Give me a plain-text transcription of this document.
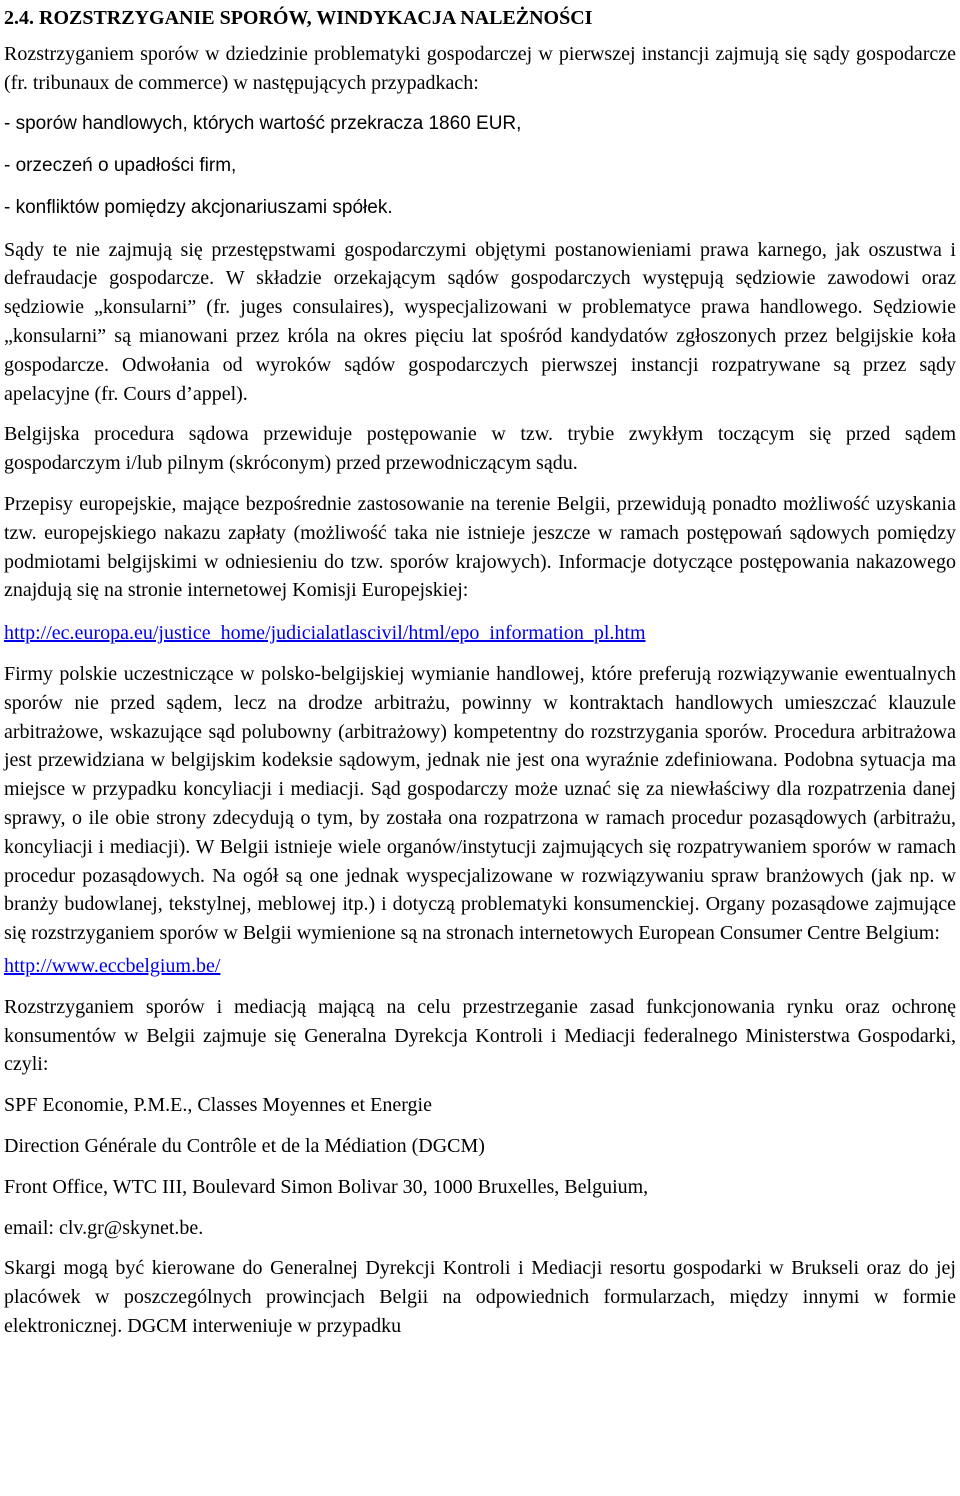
2.4. ROZSTRZYGANIE SPORÓW, WINDYKACJA NALEŻNOŚCI

Rozstrzyganiem sporów w dziedzinie problematyki gospodarczej w pierwszej instancji zajmują się sądy gospodarcze (fr. tribunaux de commerce) w następujących przypadkach:

- sporów handlowych, których wartość przekracza 1860 EUR,
- orzeczeń o upadłości firm,
- konfliktów pomiędzy akcjonariuszami spółek.

Sądy te nie zajmują się przestępstwami gospodarczymi objętymi postanowieniami prawa karnego, jak oszustwa i defraudacje gospodarcze. W składzie orzekającym sądów gospodarczych występują sędziowie zawodowi oraz sędziowie „konsularni” (fr. juges consulaires), wyspecjalizowani w problematyce prawa handlowego. Sędziowie „konsularni” są mianowani przez króla na okres pięciu lat spośród kandydatów zgłoszonych przez belgijskie koła gospodarcze. Odwołania od wyroków sądów gospodarczych pierwszej instancji rozpatrywane są przez sądy apelacyjne (fr. Cours d’appel).

Belgijska procedura sądowa przewiduje postępowanie w tzw. trybie zwykłym toczącym się przed sądem gospodarczym i/lub pilnym (skróconym) przed przewodniczącym sądu.

Przepisy europejskie, mające bezpośrednie zastosowanie na terenie Belgii, przewidują ponadto możliwość uzyskania tzw. europejskiego nakazu zapłaty (możliwość taka nie istnieje jeszcze w ramach postępowań sądowych pomiędzy podmiotami belgijskimi w odniesieniu do tzw. sporów krajowych). Informacje dotyczące postępowania nakazowego znajdują się na stronie internetowej Komisji Europejskiej:

http://ec.europa.eu/justice_home/judicialatlascivil/html/epo_information_pl.htm

Firmy polskie uczestniczące w polsko-belgijskiej wymianie handlowej, które preferują rozwiązywanie ewentualnych sporów nie przed sądem, lecz na drodze arbitrażu, powinny w kontraktach handlowych umieszczać klauzule arbitrażowe, wskazujące sąd polubowny (arbitrażowy) kompetentny do rozstrzygania sporów. Procedura arbitrażowa jest przewidziana w belgijskim kodeksie sądowym, jednak nie jest ona wyraźnie zdefiniowana. Podobna sytuacja ma miejsce w przypadku koncyliacji i mediacji. Sąd gospodarczy może uznać się za niewłaściwy dla rozpatrzenia danej sprawy, o ile obie strony zdecydują o tym, by została ona rozpatrzona w ramach procedur pozasądowych (arbitrażu, koncyliacji i mediacji). W Belgii istnieje wiele organów/instytucji zajmujących się rozpatrywaniem sporów w ramach procedur pozasądowych. Na ogół są one jednak wyspecjalizowane w rozwiązywaniu spraw branżowych (jak np. w branży budowlanej, tekstylnej, meblowej itp.) i dotyczą problematyki konsumenckiej. Organy pozasądowe zajmujące się rozstrzyganiem sporów w Belgii wymienione są na stronach internetowych European Consumer Centre Belgium:

http://www.eccbelgium.be/

Rozstrzyganiem sporów i mediacją mającą na celu przestrzeganie zasad funkcjonowania rynku oraz ochronę konsumentów w Belgii zajmuje się Generalna Dyrekcja Kontroli i Mediacji federalnego Ministerstwa Gospodarki, czyli:

SPF Economie, P.M.E., Classes Moyennes et Energie
Direction Générale du Contrôle et de la Médiation (DGCM)
Front Office, WTC III, Boulevard Simon Bolivar 30, 1000 Bruxelles, Belguium,
email: clv.gr@skynet.be.

Skargi mogą być kierowane do Generalnej Dyrekcji Kontroli i Mediacji resortu gospodarki w Brukseli oraz do jej placówek w poszczególnych prowincjach Belgii na odpowiednich formularzach, między innymi w formie elektronicznej. DGCM interweniuje w przypadku
